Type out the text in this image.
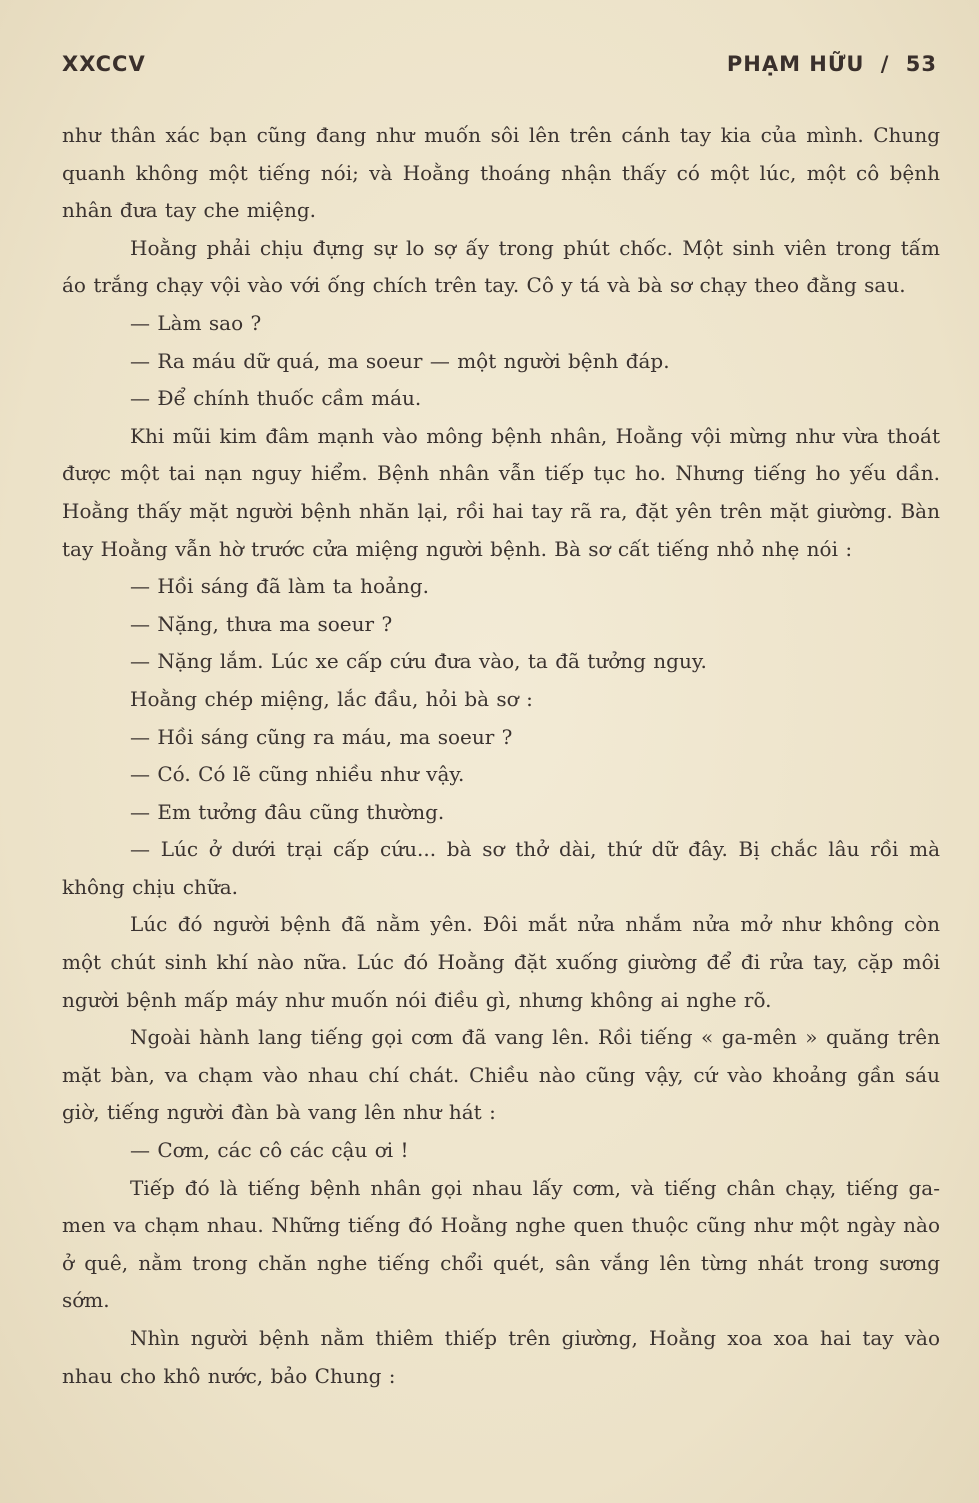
XXCCV	PHẠM HỮU / 53

như thân xác bạn cũng đang như muốn sôi lên trên cánh tay kia của mình. Chung quanh không một tiếng nói; và Hoằng thoáng nhận thấy có một lúc, một cô bệnh nhân đưa tay che miệng.

Hoằng phải chịu đựng sự lo sợ ấy trong phút chốc. Một sinh viên trong tấm áo trắng chạy vội vào với ống chích trên tay. Cô y tá và bà sơ chạy theo đằng sau.

— Làm sao ?

— Ra máu dữ quá, ma soeur — một người bệnh đáp.

— Để chính thuốc cầm máu.

Khi mũi kim đâm mạnh vào mông bệnh nhân, Hoằng vội mừng như vừa thoát được một tai nạn nguy hiểm. Bệnh nhân vẫn tiếp tục ho. Nhưng tiếng ho yếu dần. Hoằng thấy mặt người bệnh nhăn lại, rồi hai tay rã ra, đặt yên trên mặt giường. Bàn tay Hoằng vẫn hờ trước cửa miệng người bệnh. Bà sơ cất tiếng nhỏ nhẹ nói :

— Hồi sáng đã làm ta hoảng.

— Nặng, thưa ma soeur ?

— Nặng lắm. Lúc xe cấp cứu đưa vào, ta đã tưởng nguy.

Hoằng chép miệng, lắc đầu, hỏi bà sơ :

— Hồi sáng cũng ra máu, ma soeur ?

— Có. Có lẽ cũng nhiều như vậy.

— Em tưởng đâu cũng thường.

— Lúc ở dưới trại cấp cứu... bà sơ thở dài, thứ dữ đây. Bị chắc lâu rồi mà không chịu chữa.

Lúc đó người bệnh đã nằm yên. Đôi mắt nửa nhắm nửa mở như không còn một chút sinh khí nào nữa. Lúc đó Hoằng đặt xuống giường để đi rửa tay, cặp môi người bệnh mấp máy như muốn nói điều gì, nhưng không ai nghe rõ.

Ngoài hành lang tiếng gọi cơm đã vang lên. Rồi tiếng « ga-mên » quăng trên mặt bàn, va chạm vào nhau chí chát. Chiều nào cũng vậy, cứ vào khoảng gần sáu giờ, tiếng người đàn bà vang lên như hát :

— Cơm, các cô các cậu ơi !

Tiếp đó là tiếng bệnh nhân gọi nhau lấy cơm, và tiếng chân chạy, tiếng ga-men va chạm nhau. Những tiếng đó Hoằng nghe quen thuộc cũng như một ngày nào ở quê, nằm trong chăn nghe tiếng chổi quét, sân vắng lên từng nhát trong sương sớm.

Nhìn người bệnh nằm thiêm thiếp trên giường, Hoằng xoa xoa hai tay vào nhau cho khô nước, bảo Chung :
